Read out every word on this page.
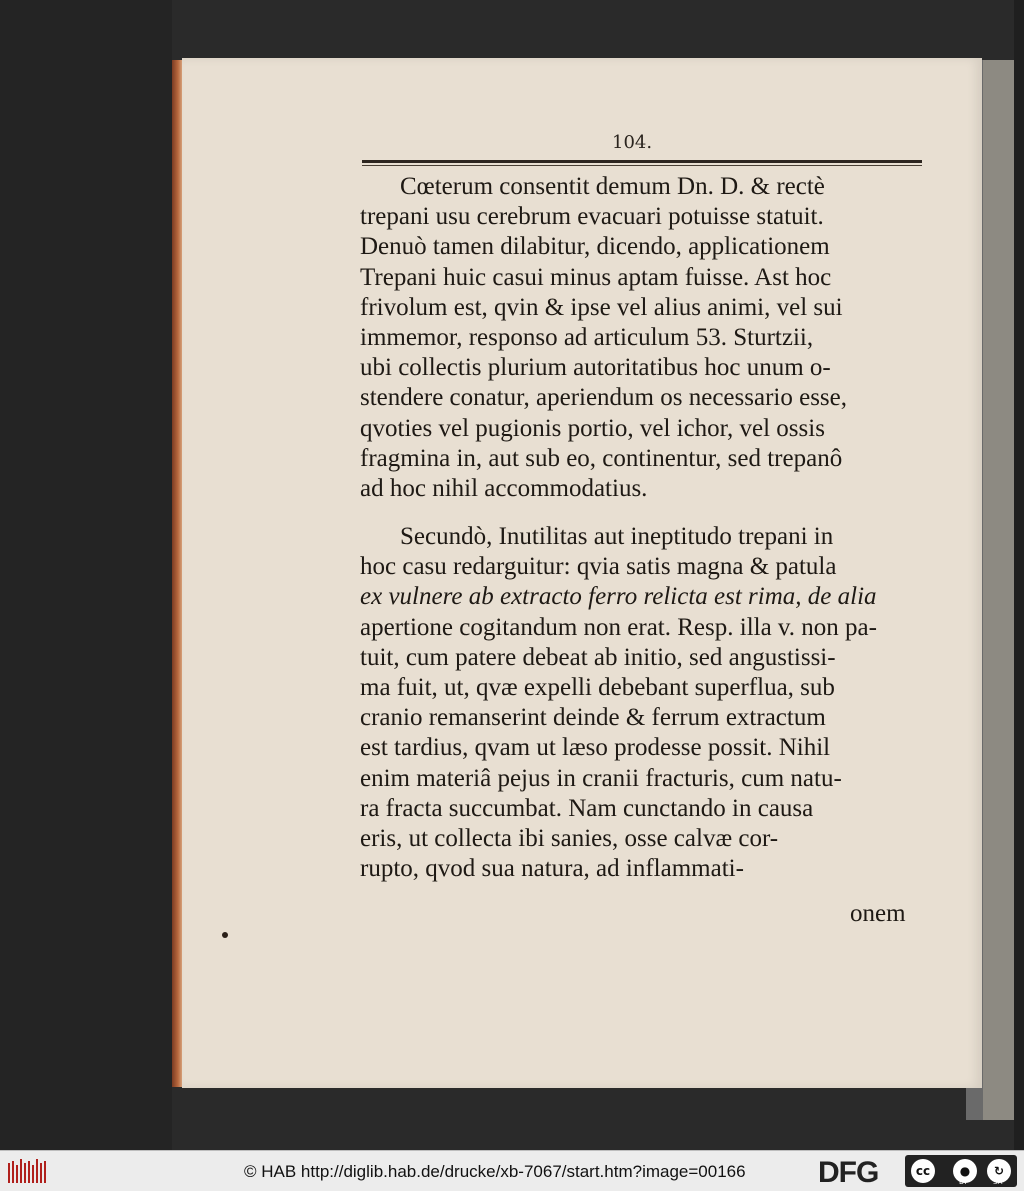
104.
Cœterum consentit demum Dn. D. & rectè
trepani usu cerebrum evacuari potuisse statuit.
Denuò tamen dilabitur, dicendo, applicationem
Trepani huic casui minus aptam fuisse. Ast hoc
frivolum est, qvin & ipse vel alius animi, vel sui
immemor, responso ad articulum 53. Sturtzii,
ubi collectis plurium autoritatibus hoc unum o-
stendere conatur, aperiendum os necessario esse,
qvoties vel pugionis portio, vel ichor, vel ossis
fragmina in, aut sub eo, continentur, sed trepanô
ad hoc nihil accommodatius.
Secundò, Inutilitas aut ineptitudo trepani in
hoc casu redarguitur: qvia satis magna & patula
ex vulnere ab extracto ferro relicta est rima, de alia
apertione cogitandum non erat. Resp. illa v. non pa-
tuit, cum patere debeat ab initio, sed angustissi-
ma fuit, ut, qvæ expelli debebant superflua, sub
cranio remanserint deinde & ferrum extractum
est tardius, qvam ut læso prodesse possit. Nihil
enim materiâ pejus in cranii fracturis, cum natu-
ra fracta succumbat. Nam cunctando in causa
eris, ut collecta ibi sanies, osse calvæ cor-
rupto, qvod sua natura, ad inflammati-
onem
© HAB http://diglib.hab.de/drucke/xb-7067/start.htm?image=00166 DFG	cc	●	↻
BY	SA
